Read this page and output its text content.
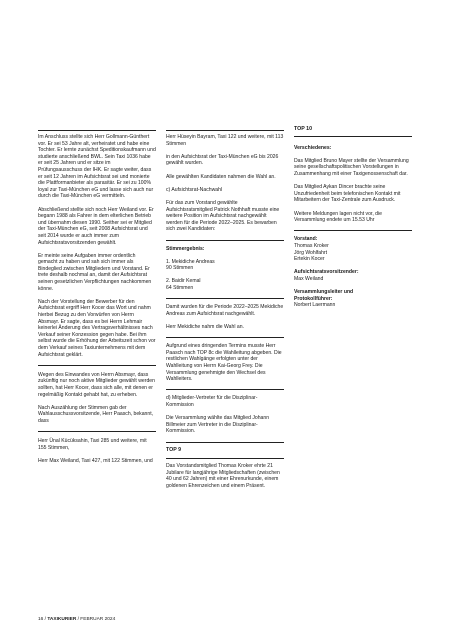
Im Anschluss stellte sich Herr Gollmann-Günthert vor. Er sei 53 Jahre alt, verheiratet und habe eine Tochter. Er lernte zunächst Speditionskaufmann und studierte anschließend BWL. Sein Taxi 1036 habe er seit 25 Jahren und er sitze im Prüfungsausschuss der IHK. Er sagte weiter, dass er seit 12 Jahren im Aufsichtsrat sei und monierte die Plattformanbieter als parasitär. Er sei zu 100% loyal zur Taxi-München eG und lasse sich auch nur durch die Taxi-München eG vermitteln.

Abschließend stellte sich noch Herr Weiland vor. Er begann 1988 als Fahrer in dem elterlichen Betrieb und übernahm diesen 1990. Seither sei er Mitglied der Taxi-München eG, seit 2008 Aufsichtsrat und seit 2014 wurde er auch immer zum Aufsichtsratsvorsitzenden gewählt.

Er meinte seine Aufgaben immer ordentlich gemacht zu haben und sah sich immer als Bindeglied zwischen Mitgliedern und Vorstand. Er trete deshalb nochmal an, damit der Aufsichtsrat seinen gesetzlichen Verpflichtungen nachkommen könne.

Nach der Vorstellung der Bewerber für den Aufsichtsrat ergriff Herr Kocer das Wort und nahm hierbei Bezug zu den Vorwürfen von Herrn Absmayr. Er sagte, dass es bei Herrn Lehmair keinerlei Änderung des Vertragsverhältnisses nach Verkauf seiner Konzession gegen habe. Bei ihm selbst wurde die Erhöhung der Arbeitszeit schon vor dem Verkauf seines Taxiunternehmens mit dem Aufsichtsrat geklärt.

Wegen des Einwandes von Herrn Absmayr, dass zukünftig nur noch aktive Mitglieder gewählt werden sollten, hat Herr Kocer, dass sich alle, mit denen er regelmäßig Kontakt gehabt hat, zu erheben.

Nach Auszählung der Stimmen gab der Wahlausschussvorsitzende, Herr Paasch, bekannt, dass

Herr Ünal Kücüksahin, Taxi 285 und weitere, mit 155 Stimmen,

Herr Max Weiland, Taxi 427, mit 122 Stimmen, und

Herr Hüseyin Bayram, Taxi 122 und weitere, mit 113 Stimmen

in den Aufsichtsrat der Taxi-München eG bis 2026 gewählt wurden.

Alle gewählten Kandidaten nahmen die Wahl an.

c) Aufsichtsrat-Nachwahl

Für das zum Vorstand gewählte Aufsichtsratsmitglied Patrick Nothhaft musste eine weitere Position im Aufsichtsrat nachgewählt werden für die Periode 2022–2025. Es bewarben sich zwei Kandidaten:

Stimmergebnis:

1. Mekidiche Andreas
90 Stimmen

2. Baidir Kemal
64 Stimmen

Damit wurden für die Periode 2022–2025 Mekidiche Andreas zum Aufsichtsrat nachgewählt.

Herr Mekidiche nahm die Wahl an.

Aufgrund eines dringenden Termins musste Herr Paasch nach TOP 8c die Wahlleitung abgeben. Die restlichen Wahlgänge erfolgten unter der Wahlleitung von Herrn Kai-Georg Frey. Die Versammlung genehmigte den Wechsel des Wahlleiters.

d) Mitglieder-Vertreter für die Disziplinar-
Kommission

Die Versammlung wählte das Mitglied Johann Billmeier zum Vertreter in die Disziplinar-Kommission.

TOP 9

Das Vorstandsmitglied Thomas Kroker ehrte 21 Jubilare für langjährige Mitgliedschaften (zwischen 40 und 62 Jahren) mit einer Ehrenurkunde, einem goldenen Ehrenzeichen und einem Präsent.

TOP 10

Verschiedenes:

Das Mitglied Bruno Mayer stellte der Versammlung seine gesellschaftspolitischen Vorstellungen in Zusammenhang mit einer Taxigenossenschaft dar.

Das Mitglied Aykan Dincer brachte seine Unzufriedenheit beim telefonischen Kontakt mit Mitarbeitern der Taxi-Zentrale zum Ausdruck.

Weitere Meldungen lagen nicht vor, die Versammlung endete um 15.53 Uhr

Vorstand:

Thomas Kroker

Jörg Wohlfahrt

Ertekin Kocer

Aufsichtsratsvorsitzender:

Max Weiland

Versammlungsleiter und

Protokollführer:

Norbert Laermann

16 / TAXIKURIER / FEBRUAR 2024
